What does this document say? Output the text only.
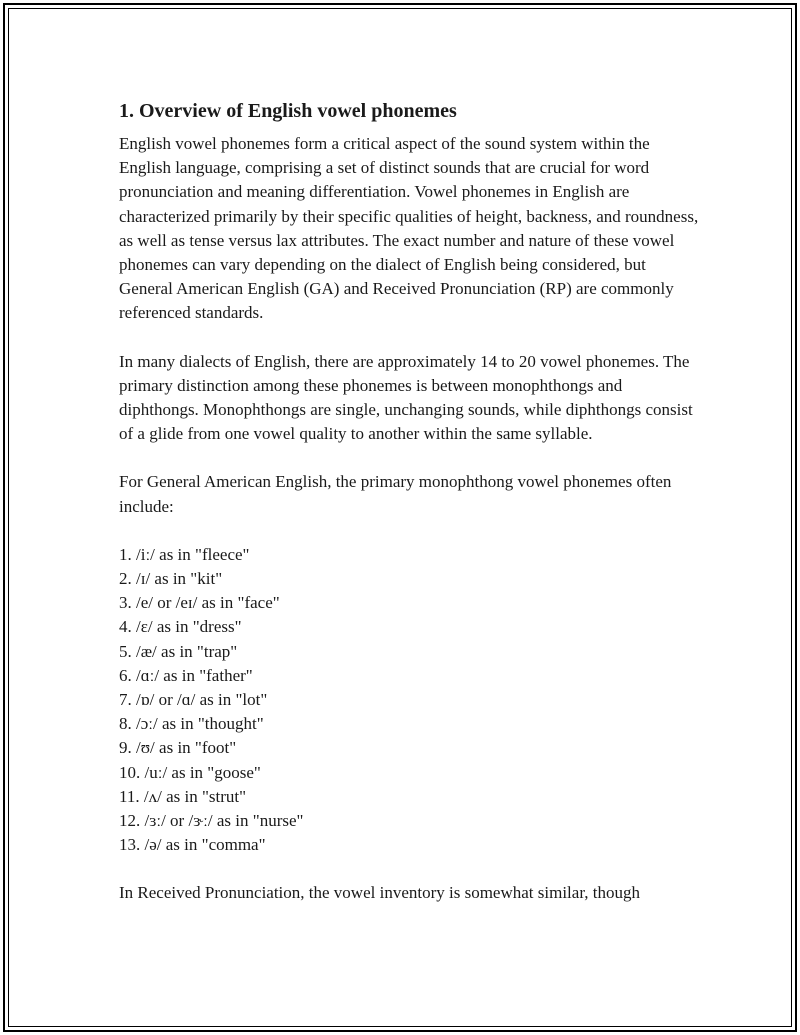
1. Overview of English vowel phonemes

English vowel phonemes form a critical aspect of the sound system within the English language, comprising a set of distinct sounds that are crucial for word pronunciation and meaning differentiation. Vowel phonemes in English are characterized primarily by their specific qualities of height, backness, and roundness, as well as tense versus lax attributes. The exact number and nature of these vowel phonemes can vary depending on the dialect of English being considered, but General American English (GA) and Received Pronunciation (RP) are commonly referenced standards.

In many dialects of English, there are approximately 14 to 20 vowel phonemes. The primary distinction among these phonemes is between monophthongs and diphthongs. Monophthongs are single, unchanging sounds, while diphthongs consist of a glide from one vowel quality to another within the same syllable.

For General American English, the primary monophthong vowel phonemes often include:

1. /iː/ as in "fleece"
2. /ɪ/ as in "kit"
3. /e/ or /eɪ/ as in "face"
4. /ɛ/ as in "dress"
5. /æ/ as in "trap"
6. /ɑː/ as in "father"
7. /ɒ/ or /ɑ/ as in "lot"
8. /ɔː/ as in "thought"
9. /ʊ/ as in "foot"
10. /uː/ as in "goose"
11. /ʌ/ as in "strut"
12. /ɜː/ or /ɝː/ as in "nurse"
13. /ə/ as in "comma"

In Received Pronunciation, the vowel inventory is somewhat similar, though
